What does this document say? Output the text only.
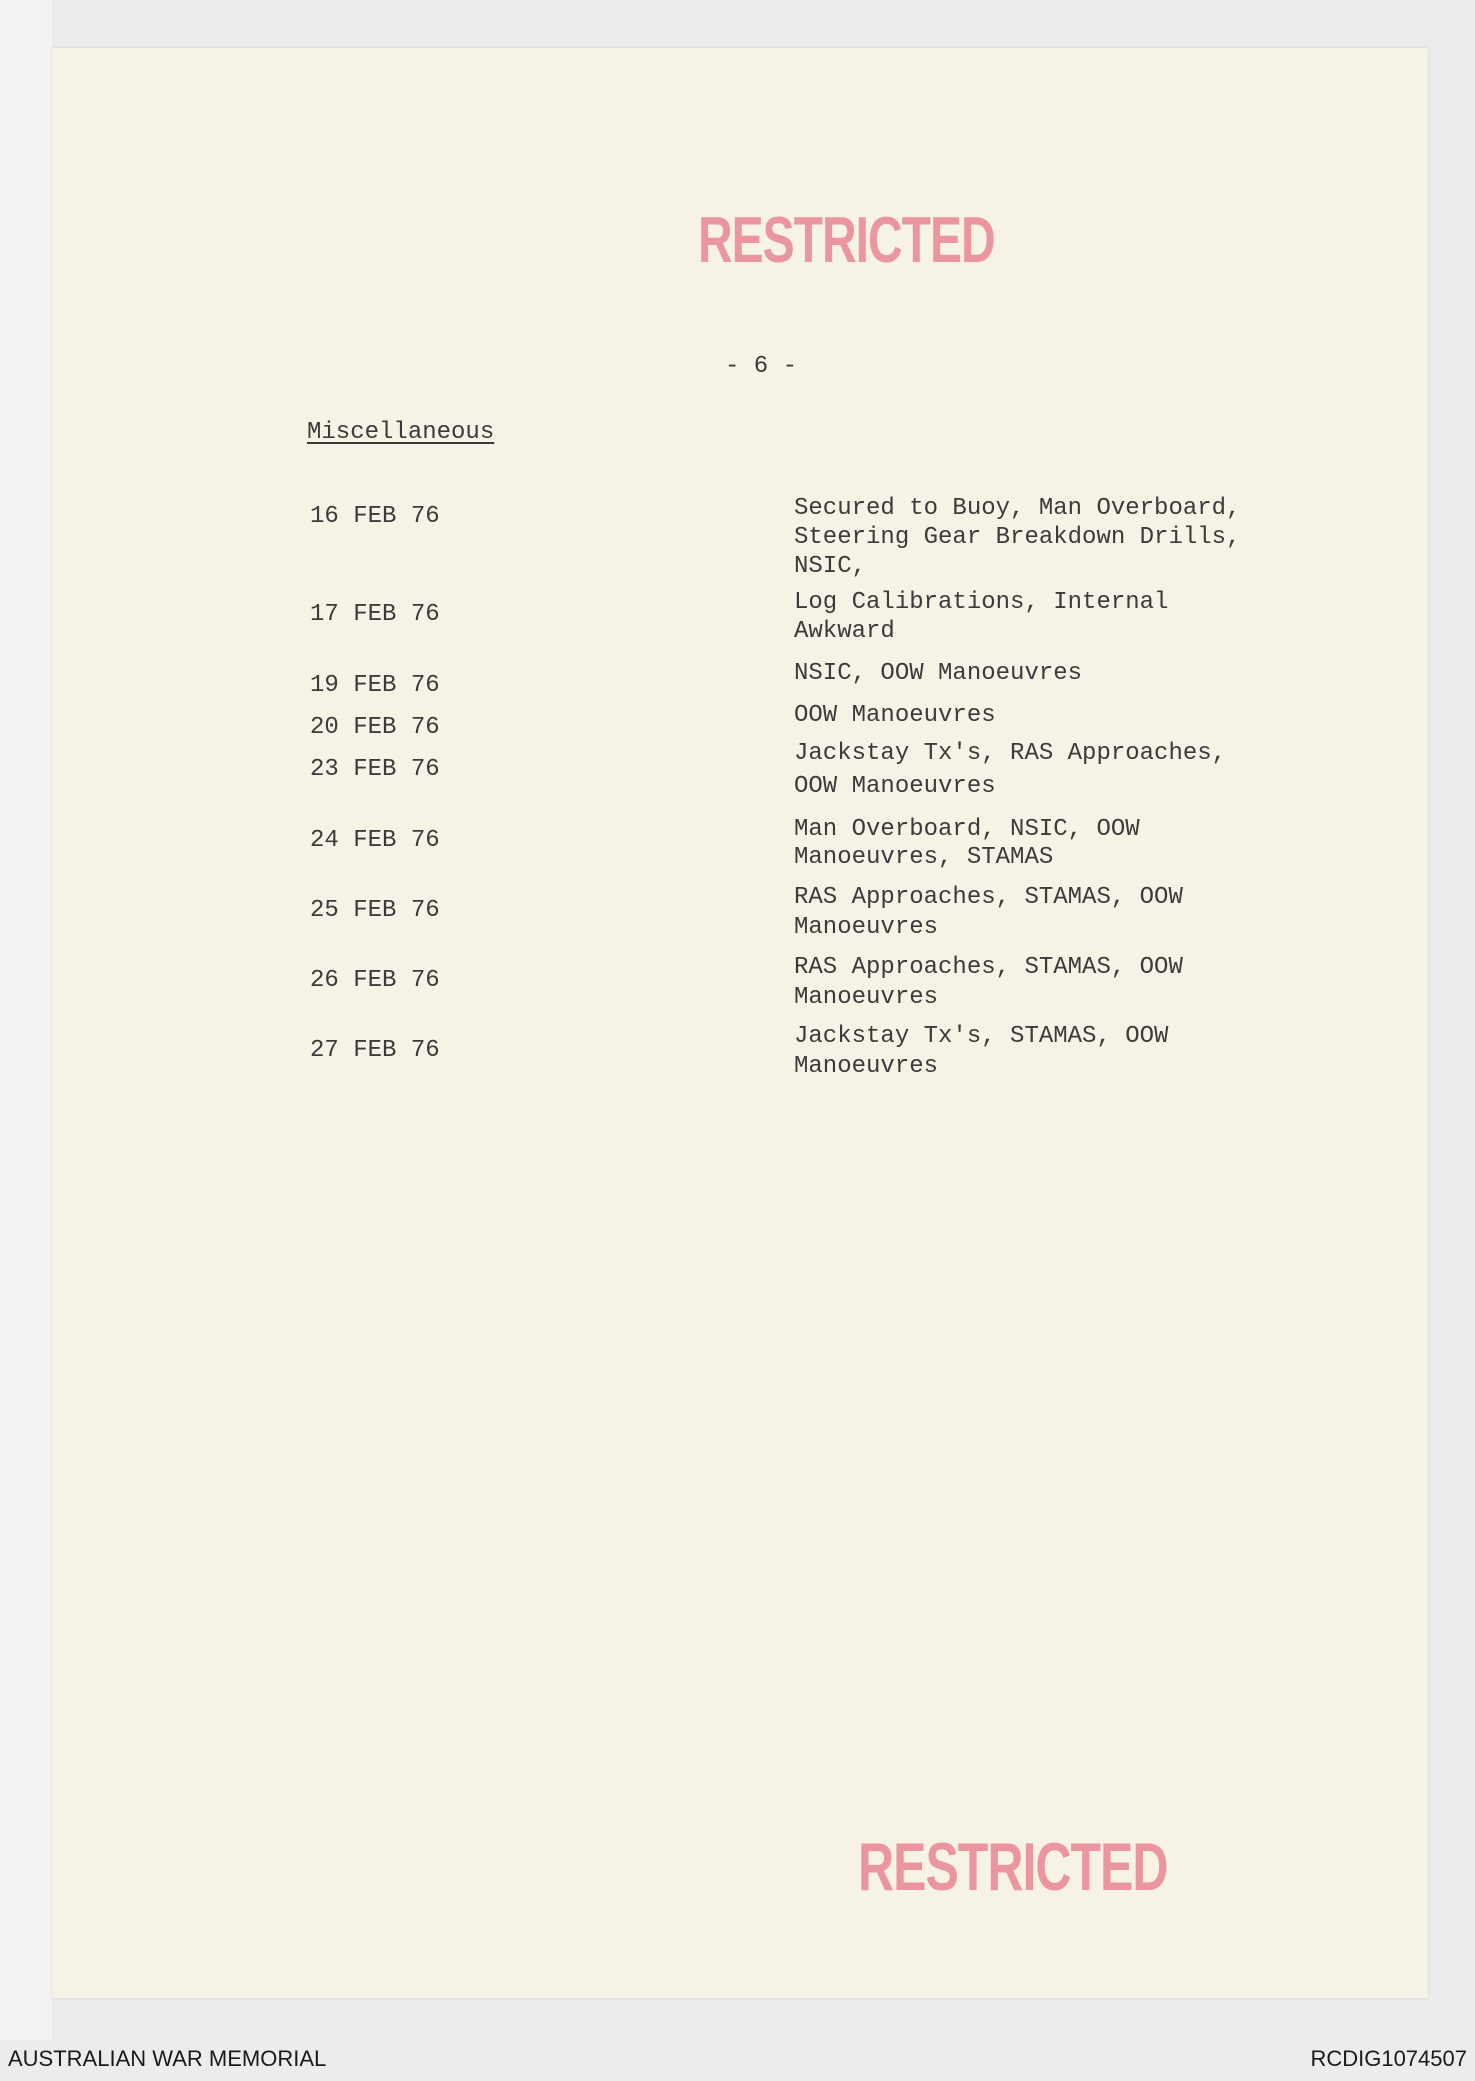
RESTRICTED
- 6 -
Miscellaneous
16 FEB 76	Secured to Buoy, Man Overboard,
Steering Gear Breakdown Drills,
NSIC,
17 FEB 76	Log Calibrations, Internal
Awkward
19 FEB 76	NSIC, OOW Manoeuvres
20 FEB 76	OOW Manoeuvres
23 FEB 76
Jackstay Tx's, RAS Approaches,
OOW Manoeuvres
24 FEB 76	Man Overboard, NSIC, OOW
Manoeuvres, STAMAS
25 FEB 76	RAS Approaches, STAMAS, OOW
Manoeuvres
26 FEB 76	RAS Approaches, STAMAS, OOW
Manoeuvres
27 FEB 76
Jackstay Tx's, STAMAS, OOW
Manoeuvres
RESTRICTED
AUSTRALIAN WAR MEMORIAL	RCDIG1074507
